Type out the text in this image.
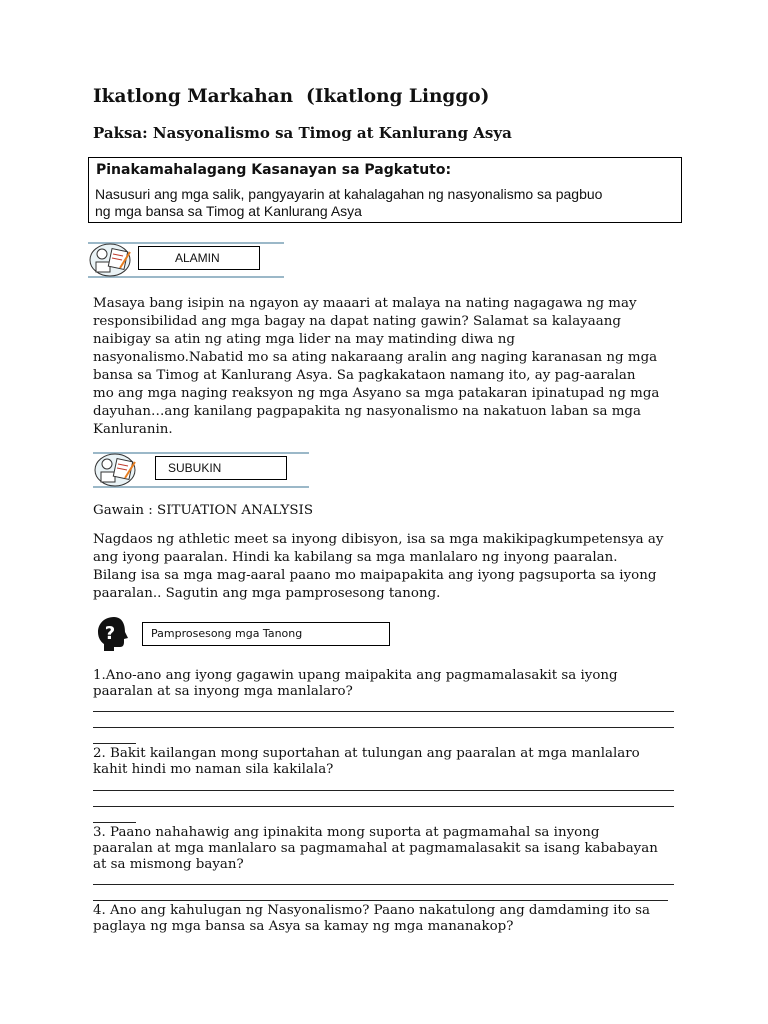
Ikatlong Markahan  (Ikatlong Linggo)
Paksa: Nasyonalismo sa Timog at Kanlurang Asya
Pinakamahalagang Kasanayan sa Pagkatuto:
Nasusuri ang mga salik, pangyayarin at kahalagahan ng nasyonalismo sa pagbuo
ng mga bansa sa Timog at Kanlurang Asya
ALAMIN
Masaya bang isipin na ngayon ay maaari at malaya na nating nagagawa ng may
responsibilidad ang mga bagay na dapat nating gawin? Salamat sa kalayaang
naibigay sa atin ng ating mga lider na may matinding diwa ng
nasyonalismo.Nabatid mo sa ating nakaraang aralin ang naging karanasan ng mga
bansa sa Timog at Kanlurang Asya. Sa pagkakataon namang ito, ay pag-aaralan
mo ang mga naging reaksyon ng mga Asyano sa mga patakaran ipinatupad ng mga
dayuhan…ang kanilang pagpapakita ng nasyonalismo na nakatuon laban sa mga
Kanluranin.
SUBUKIN
Gawain : SITUATION ANALYSIS
Nagdaos ng athletic meet sa inyong dibisyon, isa sa mga makikipagkumpetensya ay
ang iyong paaralan. Hindi ka kabilang sa mga manlalaro ng inyong paaralan.
Bilang isa sa mga mag-aaral paano mo maipapakita ang iyong pagsuporta sa iyong
paaralan.. Sagutin ang mga pamprosesong tanong.
?	Pamprosesong mga Tanong
1.Ano-ano ang iyong gagawin upang maipakita ang pagmamalasakit sa iyong
paaralan at sa inyong mga manlalaro?
2. Bakit kailangan mong suportahan at tulungan ang paaralan at mga manlalaro
kahit hindi mo naman sila kakilala?
3. Paano nahahawig ang ipinakita mong suporta at pagmamahal sa inyong
paaralan at mga manlalaro sa pagmamahal at pagmamalasakit sa isang kababayan
at sa mismong bayan?
4. Ano ang kahulugan ng Nasyonalismo? Paano nakatulong ang damdaming ito sa
paglaya ng mga bansa sa Asya sa kamay ng mga mananakop?
